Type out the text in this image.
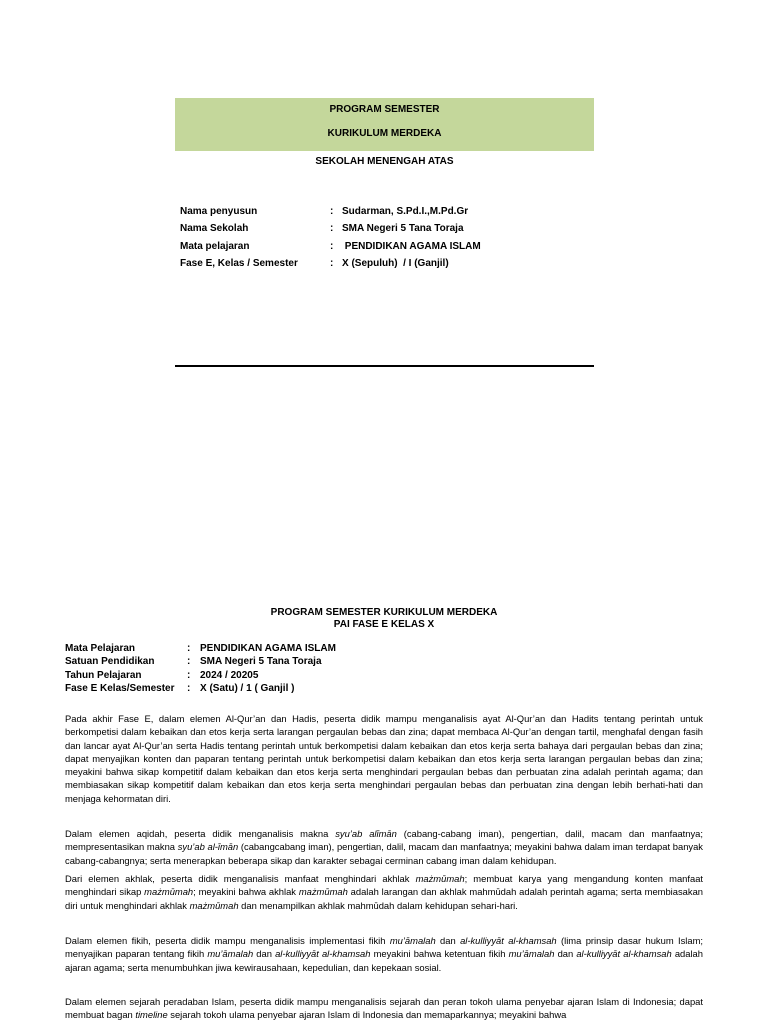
PROGRAM SEMESTER
KURIKULUM MERDEKA
SEKOLAH MENENGAH ATAS
Nama penyusun	: Sudarman, S.Pd.I.,M.Pd.Gr
Nama Sekolah	: SMA Negeri 5 Tana Toraja
Mata pelajaran	: PENDIDIKAN AGAMA ISLAM
Fase E, Kelas / Semester	: X (Sepuluh)  / I (Ganjil)
PROGRAM SEMESTER KURIKULUM MERDEKA
PAI FASE E KELAS X
Mata Pelajaran	: PENDIDIKAN AGAMA ISLAM
Satuan Pendidikan	: SMA Negeri 5 Tana Toraja
Tahun Pelajaran	: 2024 / 20205
Fase E Kelas/Semester : X (Satu) / 1 ( Ganjil )

Pada akhir Fase E, dalam elemen Al-Qur’an dan Hadis, peserta didik mampu menganalisis ayat Al-Qur’an dan Hadits tentang perintah untuk berkompetisi dalam kebaikan dan etos kerja serta larangan pergaulan bebas dan zina; dapat membaca Al-Qur’an dengan tartil, menghafal dengan fasih dan lancar ayat Al-Qur’an serta Hadis tentang perintah untuk berkompetisi dalam kebaikan dan etos kerja serta bahaya dari pergaulan bebas dan zina; dapat menyajikan konten dan paparan tentang perintah untuk berkompetisi dalam kebaikan dan etos kerja serta larangan pergaulan bebas dan zina; meyakini bahwa sikap kompetitif dalam kebaikan dan etos kerja serta menghindari pergaulan bebas dan perbuatan zina adalah perintah agama; dan membiasakan sikap kompetitif dalam kebaikan dan etos kerja serta menghindari pergaulan bebas dan perbuatan zina dengan lebih berhati-hati dan menjaga kehormatan diri.

Dalam elemen aqidah, peserta didik menganalisis makna syu’ab alīmān (cabang-cabang iman), pengertian, dalil, macam dan manfaatnya; mempresentasikan makna syu’ab al-īmān (cabangcabang iman), pengertian, dalil, macam dan manfaatnya; meyakini bahwa dalam iman terdapat banyak cabang-cabangnya; serta menerapkan beberapa sikap dan karakter sebagai cerminan cabang iman dalam kehidupan.

Dari elemen akhlak, peserta didik menganalisis manfaat menghindari akhlak mażmūmah; membuat karya yang mengandung konten manfaat menghindari sikap mażmūmah; meyakini bahwa akhlak mażmūmah adalah larangan dan akhlak mahmūdah adalah perintah agama; serta membiasakan diri untuk menghindari akhlak mażmūmah dan menampilkan akhlak mahmūdah dalam kehidupan sehari-hari.

Dalam elemen fikih, peserta didik mampu menganalisis implementasi fikih mu’āmalah dan al-kulliyyāt al-khamsah (lima prinsip dasar hukum Islam; menyajikan paparan tentang fikih mu’āmalah dan al-kulliyyāt al-khamsah meyakini bahwa ketentuan fikih mu’āmalah dan al-kulliyyāt al-khamsah adalah ajaran agama; serta menumbuhkan jiwa kewirausahaan, kepedulian, dan kepekaan sosial.

Dalam elemen sejarah peradaban Islam, peserta didik mampu menganalisis sejarah dan peran tokoh ulama penyebar ajaran Islam di Indonesia; dapat membuat bagan timeline sejarah tokoh ulama penyebar ajaran Islam di Indonesia dan memaparkannya; meyakini bahwa
